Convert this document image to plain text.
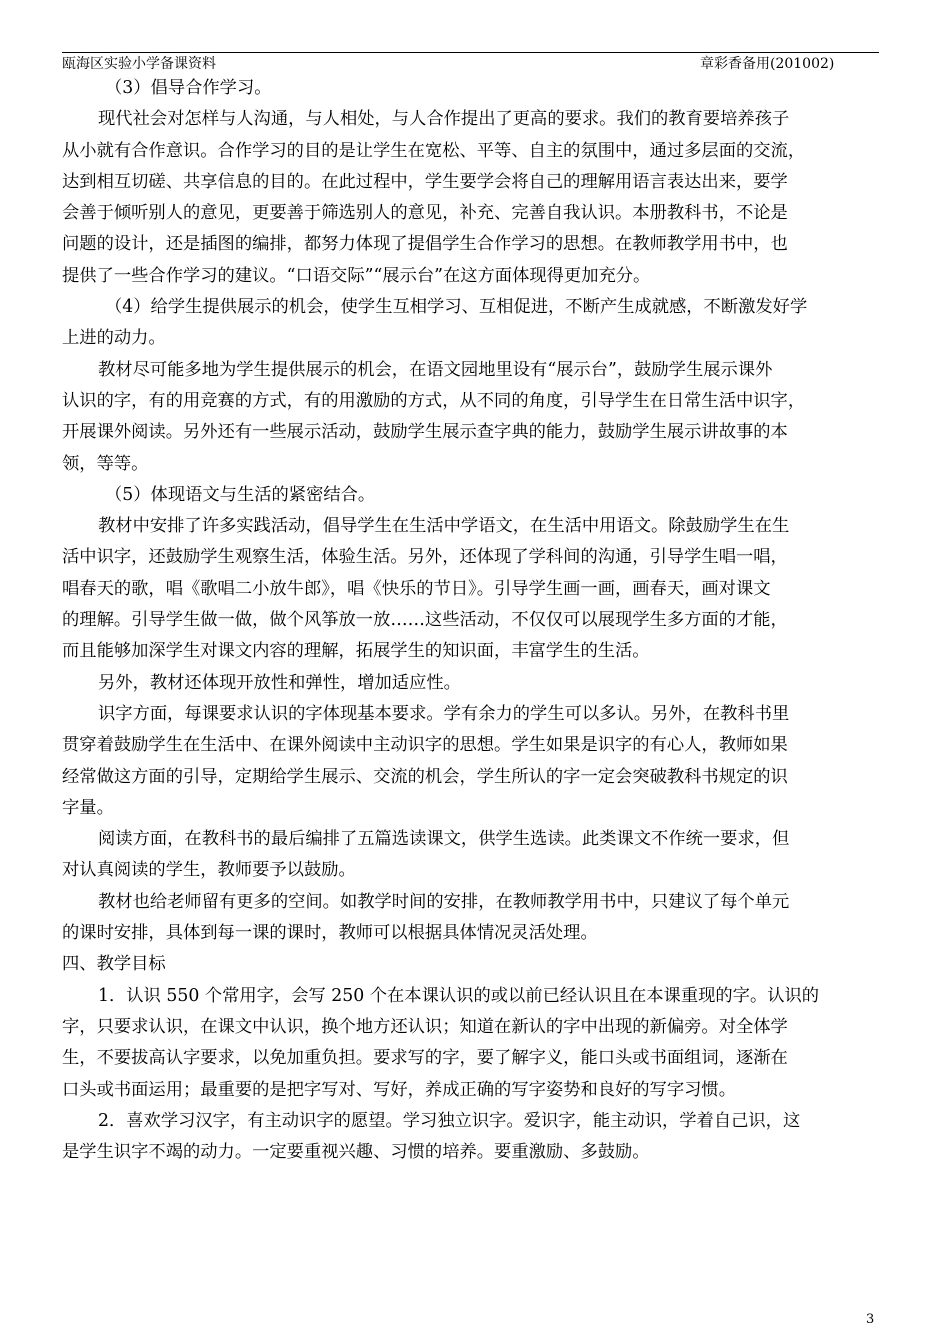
瓯海区实验小学备课资料	章彩香备用(201002)
（3）倡导合作学习。
现代社会对怎样与人沟通，与人相处，与人合作提出了更高的要求。我们的教育要培养孩子
从小就有合作意识。合作学习的目的是让学生在宽松、平等、自主的氛围中，通过多层面的交流，
达到相互切磋、共享信息的目的。在此过程中，学生要学会将自己的理解用语言表达出来，要学
会善于倾听别人的意见，更要善于筛选别人的意见，补充、完善自我认识。本册教科书，不论是
问题的设计，还是插图的编排，都努力体现了提倡学生合作学习的思想。在教师教学用书中，也
提供了一些合作学习的建议。“口语交际”“展示台”在这方面体现得更加充分。
（4）给学生提供展示的机会，使学生互相学习、互相促进，不断产生成就感，不断激发好学
上进的动力。
教材尽可能多地为学生提供展示的机会，在语文园地里设有“展示台”，鼓励学生展示课外
认识的字，有的用竞赛的方式，有的用激励的方式，从不同的角度，引导学生在日常生活中识字，
开展课外阅读。另外还有一些展示活动，鼓励学生展示查字典的能力，鼓励学生展示讲故事的本
领，等等。
（5）体现语文与生活的紧密结合。
教材中安排了许多实践活动，倡导学生在生活中学语文，在生活中用语文。除鼓励学生在生
活中识字，还鼓励学生观察生活，体验生活。另外，还体现了学科间的沟通，引导学生唱一唱，
唱春天的歌，唱《歌唱二小放牛郎》，唱《快乐的节日》。引导学生画一画，画春天，画对课文
的理解。引导学生做一做，做个风筝放一放……这些活动，不仅仅可以展现学生多方面的才能，
而且能够加深学生对课文内容的理解，拓展学生的知识面，丰富学生的生活。
另外，教材还体现开放性和弹性，增加适应性。
识字方面，每课要求认识的字体现基本要求。学有余力的学生可以多认。另外，在教科书里
贯穿着鼓励学生在生活中、在课外阅读中主动识字的思想。学生如果是识字的有心人，教师如果
经常做这方面的引导，定期给学生展示、交流的机会，学生所认的字一定会突破教科书规定的识
字量。
阅读方面，在教科书的最后编排了五篇选读课文，供学生选读。此类课文不作统一要求，但
对认真阅读的学生，教师要予以鼓励。
教材也给老师留有更多的空间。如教学时间的安排，在教师教学用书中，只建议了每个单元
的课时安排，具体到每一课的课时，教师可以根据具体情况灵活处理。
四、教学目标
1．认识 550 个常用字，会写 250 个在本课认识的或以前已经认识且在本课重现的字。认识的
字，只要求认识，在课文中认识，换个地方还认识；知道在新认的字中出现的新偏旁。对全体学
生，不要拔高认字要求，以免加重负担。要求写的字，要了解字义，能口头或书面组词，逐渐在
口头或书面运用；最重要的是把字写对、写好，养成正确的写字姿势和良好的写字习惯。
2．喜欢学习汉字，有主动识字的愿望。学习独立识字。爱识字，能主动识，学着自己识，这
是学生识字不竭的动力。一定要重视兴趣、习惯的培养。要重激励、多鼓励。
3
